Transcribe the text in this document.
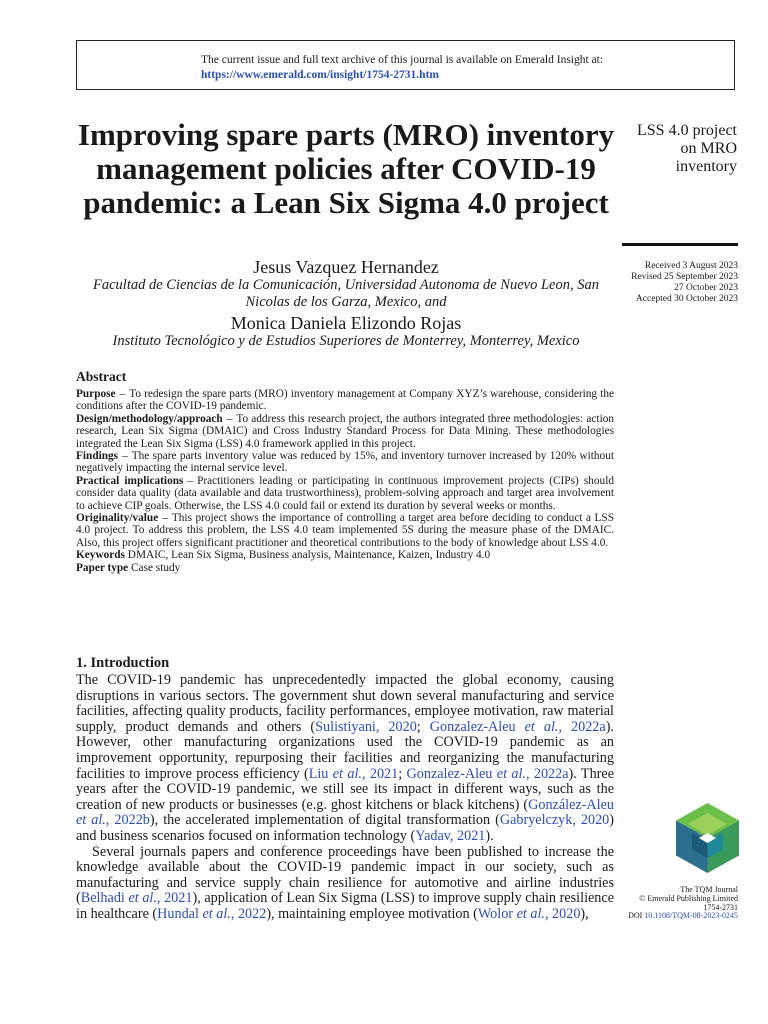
The current issue and full text archive of this journal is available on Emerald Insight at:
https://www.emerald.com/insight/1754-2731.htm
Improving spare parts (MRO) inventory management policies after COVID-19 pandemic: a Lean Six Sigma 4.0 project
LSS 4.0 project
on MRO
inventory
Received 3 August 2023
Revised 25 September 2023
27 October 2023
Accepted 30 October 2023
Jesus Vazquez Hernandez
Facultad de Ciencias de la Comunicación, Universidad Autonoma de Nuevo Leon, San Nicolas de los Garza, Mexico, and
Monica Daniela Elizondo Rojas
Instituto Tecnológico y de Estudios Superiores de Monterrey, Monterrey, Mexico
Abstract

Purpose – To redesign the spare parts (MRO) inventory management at Company XYZ’s warehouse, considering the conditions after the COVID-19 pandemic.

Design/methodology/approach – To address this research project, the authors integrated three methodologies: action research, Lean Six Sigma (DMAIC) and Cross Industry Standard Process for Data Mining. These methodologies integrated the Lean Six Sigma (LSS) 4.0 framework applied in this project.

Findings – The spare parts inventory value was reduced by 15%, and inventory turnover increased by 120% without negatively impacting the internal service level.

Practical implications – Practitioners leading or participating in continuous improvement projects (CIPs) should consider data quality (data available and data trustworthiness), problem-solving approach and target area involvement to achieve CIP goals. Otherwise, the LSS 4.0 could fail or extend its duration by several weeks or months.

Originality/value – This project shows the importance of controlling a target area before deciding to conduct a LSS 4.0 project. To address this problem, the LSS 4.0 team implemented 5S during the measure phase of the DMAIC. Also, this project offers significant practitioner and theoretical contributions to the body of knowledge about LSS 4.0.

Keywords DMAIC, Lean Six Sigma, Business analysis, Maintenance, Kaizen, Industry 4.0

Paper type Case study

1. Introduction

The COVID-19 pandemic has unprecedentedly impacted the global economy, causing disruptions in various sectors. The government shut down several manufacturing and service facilities, affecting quality products, facility performances, employee motivation, raw material supply, product demands and others (Sulistiyani, 2020; Gonzalez-Aleu et al., 2022a). However, other manufacturing organizations used the COVID-19 pandemic as an improvement opportunity, repurposing their facilities and reorganizing the manufacturing facilities to improve process efficiency (Liu et al., 2021; Gonzalez-Aleu et al., 2022a). Three years after the COVID-19 pandemic, we still see its impact in different ways, such as the creation of new products or businesses (e.g. ghost kitchens or black kitchens) (González-Aleu et al., 2022b), the accelerated implementation of digital transformation (Gabryelczyk, 2020) and business scenarios focused on information technology (Yadav, 2021).

Several journals papers and conference proceedings have been published to increase the knowledge available about the COVID-19 pandemic impact in our society, such as manufacturing and service supply chain resilience for automotive and airline industries (Belhadi et al., 2021), application of Lean Six Sigma (LSS) to improve supply chain resilience in healthcare (Hundal et al., 2022), maintaining employee motivation (Wolor et al., 2020),

The TQM Journal
© Emerald Publishing Limited
1754-2731
DOI 10.1108/TQM-08-2023-0245
